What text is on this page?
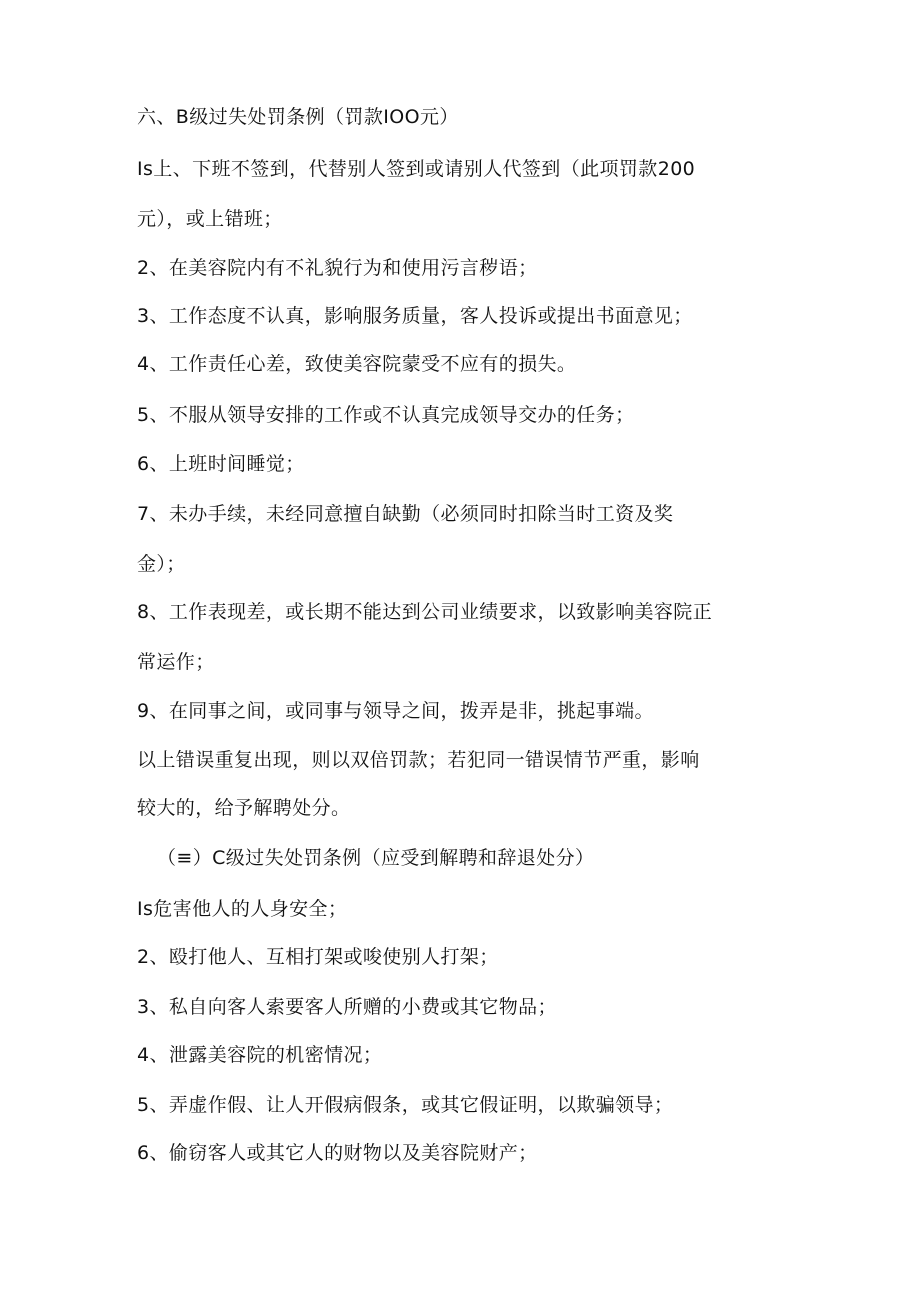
六、B级过失处罚条例（罚款IOO元）
Is上、下班不签到，代替别人签到或请别人代签到（此项罚款200
元），或上错班；
2、在美容院内有不礼貌行为和使用污言秽语；
3、工作态度不认真，影响服务质量，客人投诉或提出书面意见；
4、工作责任心差，致使美容院蒙受不应有的损失。
5、不服从领导安排的工作或不认真完成领导交办的任务；
6、上班时间睡觉；
7、未办手续，未经同意擅自缺勤（必须同时扣除当时工资及奖
金）；
8、工作表现差，或长期不能达到公司业绩要求，以致影响美容院正
常运作；
9、在同事之间，或同事与领导之间，拨弄是非，挑起事端。
以上错误重复出现，则以双倍罚款；若犯同一错误情节严重，影响
较大的，给予解聘处分。
（≡）C级过失处罚条例（应受到解聘和辞退处分）
Is危害他人的人身安全；
2、殴打他人、互相打架或唆使别人打架；
3、私自向客人索要客人所赠的小费或其它物品；
4、泄露美容院的机密情况；
5、弄虚作假、让人开假病假条，或其它假证明，以欺骗领导；
6、偷窃客人或其它人的财物以及美容院财产；
